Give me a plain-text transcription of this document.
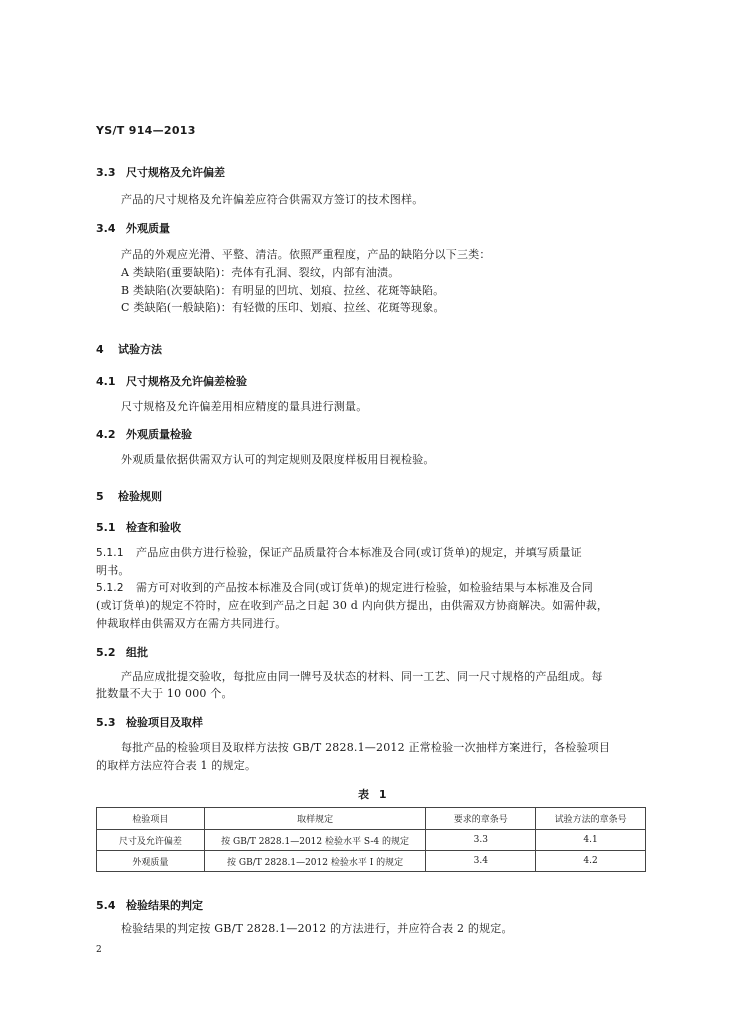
YS/T 914—2013
3.3 尺寸规格及允许偏差
产品的尺寸规格及允许偏差应符合供需双方签订的技术图样。
3.4 外观质量
产品的外观应光滑、平整、清洁。依照严重程度，产品的缺陷分以下三类：
A 类缺陷(重要缺陷)：壳体有孔洞、裂纹，内部有油渍。
B 类缺陷(次要缺陷)：有明显的凹坑、划痕、拉丝、花斑等缺陷。
C 类缺陷(一般缺陷)：有轻微的压印、划痕、拉丝、花斑等现象。
4 试验方法
4.1 尺寸规格及允许偏差检验
尺寸规格及允许偏差用相应精度的量具进行测量。
4.2 外观质量检验
外观质量依据供需双方认可的判定规则及限度样板用目视检验。
5 检验规则
5.1 检查和验收
5.1.1 产品应由供方进行检验，保证产品质量符合本标准及合同(或订货单)的规定，并填写质量证
明书。
5.1.2 需方可对收到的产品按本标准及合同(或订货单)的规定进行检验，如检验结果与本标准及合同
(或订货单)的规定不符时，应在收到产品之日起 30 d 内向供方提出，由供需双方协商解决。如需仲裁，
仲裁取样由供需双方在需方共同进行。
5.2 组批
产品应成批提交验收，每批应由同一牌号及状态的材料、同一工艺、同一尺寸规格的产品组成。每
批数量不大于 10 000 个。
5.3 检验项目及取样
每批产品的检验项目及取样方法按 GB/T 2828.1—2012 正常检验一次抽样方案进行，各检验项目
的取样方法应符合表 1 的规定。
表 1
检验项目	取样规定	要求的章条号	试验方法的章条号
尺寸及允许偏差	按 GB/T 2828.1—2012 检验水平 S-4 的规定	3.3	4.1
外观质量	按 GB/T 2828.1—2012 检验水平 I 的规定	3.4	4.2
5.4 检验结果的判定
检验结果的判定按 GB/T 2828.1—2012 的方法进行，并应符合表 2 的规定。
2
